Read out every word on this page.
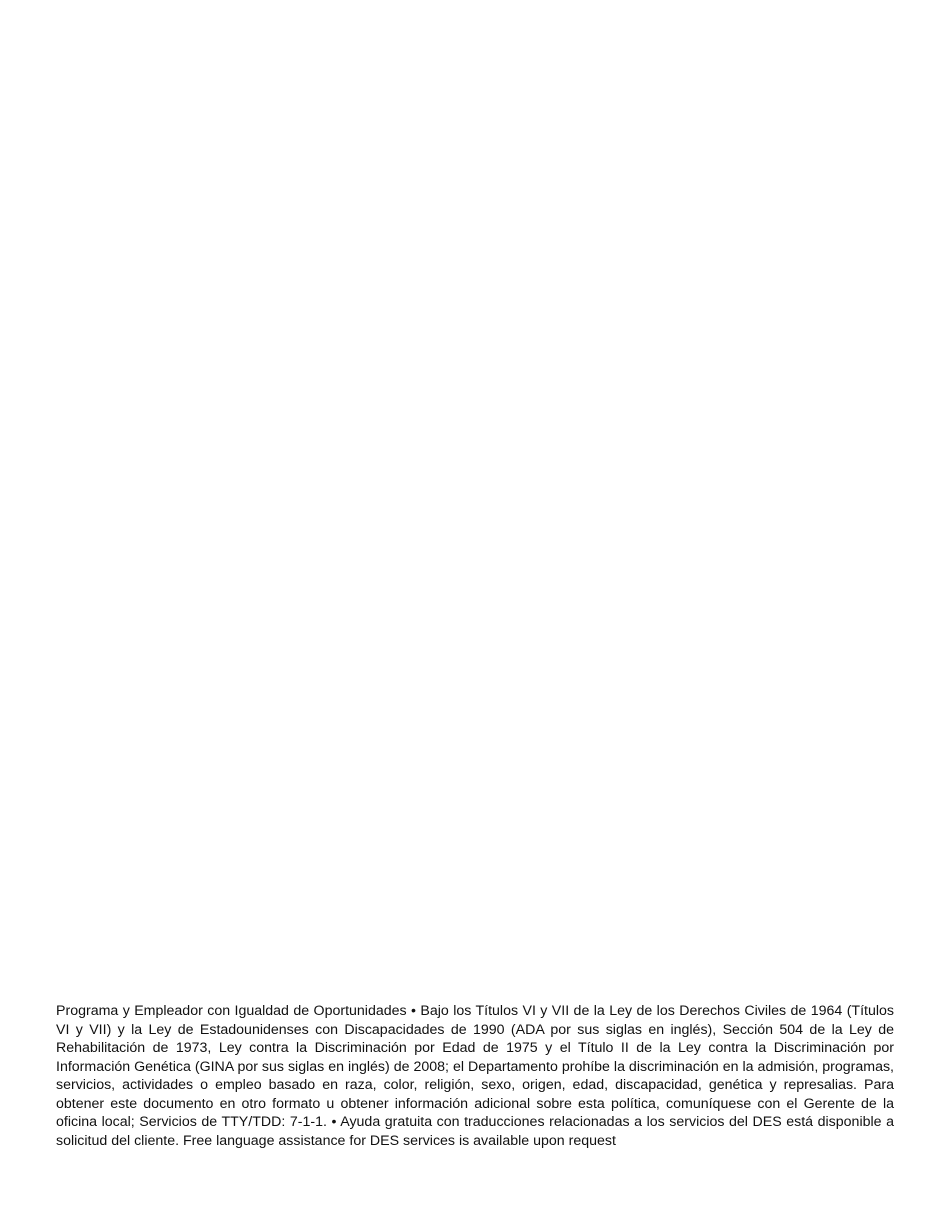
Programa y Empleador con Igualdad de Oportunidades • Bajo los Títulos VI y VII de la Ley de los Derechos Civiles de 1964 (Títulos VI y VII) y la Ley de Estadounidenses con Discapacidades de 1990 (ADA por sus siglas en inglés), Sección 504 de la Ley de Rehabilitación de 1973, Ley contra la Discriminación por Edad de 1975 y el Título II de la Ley contra la Discriminación por Información Genética (GINA por sus siglas en inglés) de 2008; el Departamento prohíbe la discriminación en la admisión, programas, servicios, actividades o empleo basado en raza, color, religión, sexo, origen, edad, discapacidad, genética y represalias. Para obtener este documento en otro formato u obtener información adicional sobre esta política, comuníquese con el Gerente de la oficina local; Servicios de TTY/TDD: 7-1-1. • Ayuda gratuita con traducciones relacionadas a los servicios del DES está disponible a solicitud del cliente. Free language assistance for DES services is available upon request
